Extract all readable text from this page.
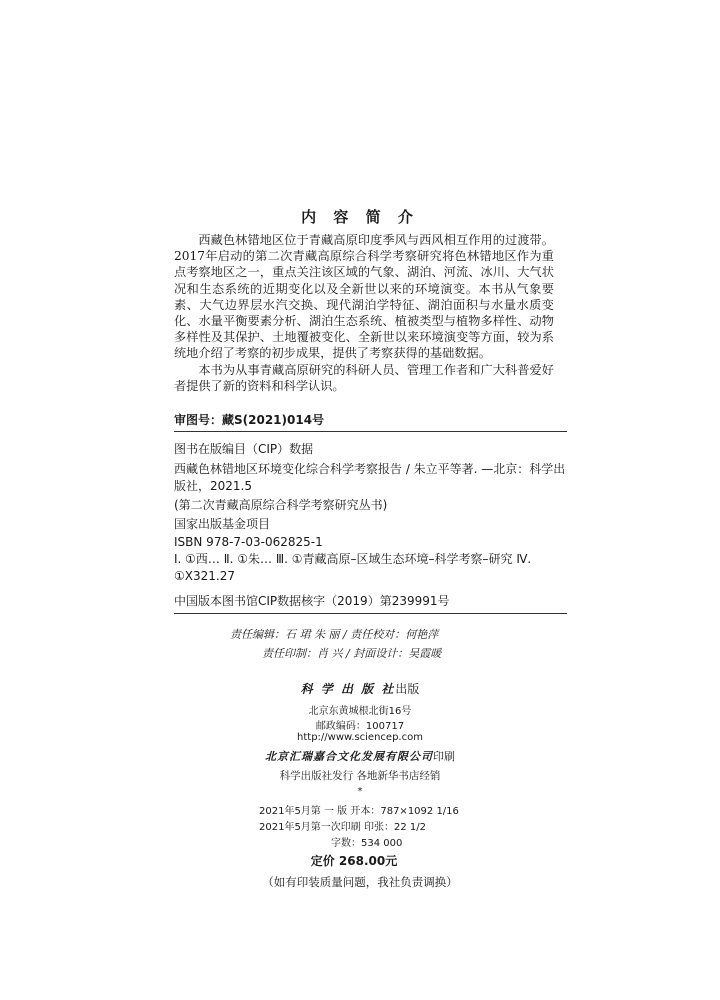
内 容 简 介

西藏色林错地区位于青藏高原印度季风与西风相互作用的过渡带。2017年启动的第二次青藏高原综合科学考察研究将色林错地区作为重点考察地区之一，重点关注该区域的气象、湖泊、河流、冰川、大气状况和生态系统的近期变化以及全新世以来的环境演变。本书从气象要素、大气边界层水汽交换、现代湖泊学特征、湖泊面积与水量水质变化、水量平衡要素分析、湖泊生态系统、植被类型与植物多样性、动物多样性及其保护、土地覆被变化、全新世以来环境演变等方面，较为系统地介绍了考察的初步成果，提供了考察获得的基础数据。

本书为从事青藏高原研究的科研人员、管理工作者和广大科普爱好者提供了新的资料和科学认识。

审图号：藏S(2021)014号
图书在版编目（CIP）数据
西藏色林错地区环境变化综合科学考察报告 / 朱立平等著. —北京：科学出版社，2021.5
(第二次青藏高原综合科学考察研究丛书)
国家出版基金项目
ISBN 978-7-03-062825-1
Ⅰ. ①西… Ⅱ. ①朱… Ⅲ. ①青藏高原–区域生态环境–科学考察–研究 Ⅳ. ①X321.27
中国版本图书馆CIP数据核字（2019）第239991号
责任编辑：石 珺 朱 丽 / 责任校对：何艳萍
责任印制：肖 兴 / 封面设计：吴霞暖
科 学 出 版 社出版
北京东黄城根北街16号
邮政编码：100717
http://www.sciencep.com
北京汇瑞嘉合文化发展有限公司印刷
科学出版社发行 各地新华书店经销
*
2021年5月第 一 版 开本：787×1092 1/16
2021年5月第一次印刷 印张：22 1/2
字数：534 000
定价 268.00元
（如有印装质量问题，我社负责调换）
